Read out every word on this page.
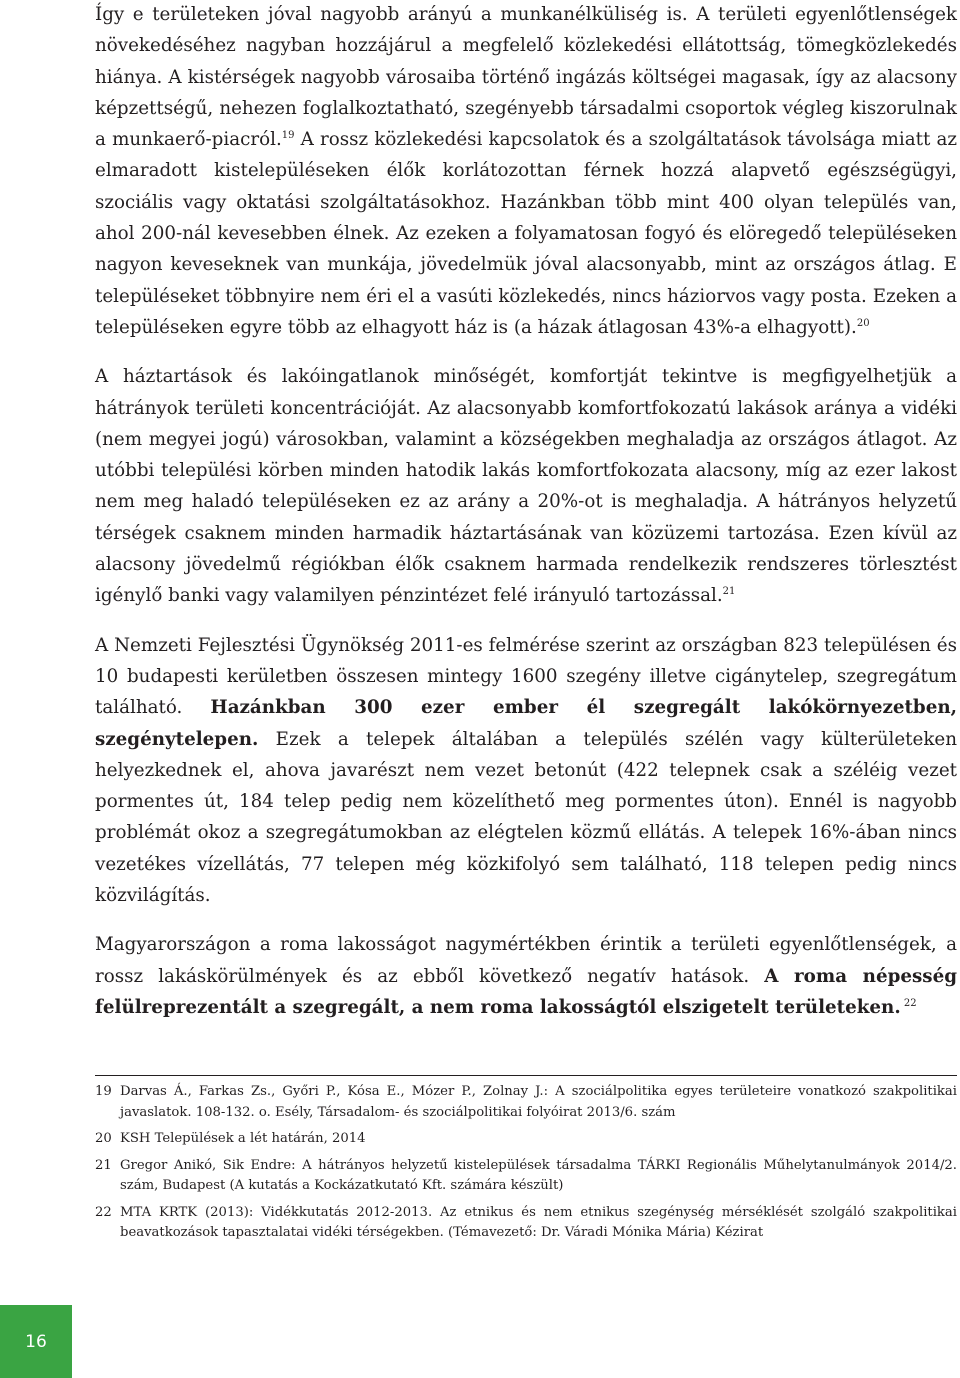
Így e területeken jóval nagyobb arányú a munkanélküliség is. A területi egyenlőtlenségek növekedéséhez nagyban hozzájárul a megfelelő közlekedési ellátottság, tömegközlekedés hiánya. A kistérségek nagyobb városaiba történő ingázás költségei magasak, így az alacsony képzettségű, nehezen foglalkoztatható, szegényebb társadalmi csoportok végleg kiszorulnak a munkaerő-piacról.$^{19}$ A rossz közlekedési kapcsolatok és a szolgáltatások távolsága miatt az elmaradott kistelepüléseken élők korlátozottan férnek hozzá alapvető egészségügyi, szociális vagy oktatási szolgáltatásokhoz. Hazánkban több mint 400 olyan település van, ahol 200-nál kevesebben élnek. Az ezeken a folyamatosan fogyó és elöregedő településeken nagyon keveseknek van munkája, jövedelmük jóval alacsonyabb, mint az országos átlag. E településeket többnyire nem éri el a vasúti közlekedés, nincs háziorvos vagy posta. Ezeken a településeken egyre több az elhagyott ház is (a házak átlagosan 43%-a elhagyott).$^{20}$

A háztartások és lakóingatlanok minőségét, komfortját tekintve is megfigyelhetjük a hátrányok területi koncentrációját. Az alacsonyabb komfortfokozatú lakások aránya a vidéki (nem megyei jogú) városokban, valamint a községekben meghaladja az országos átlagot. Az utóbbi települési körben minden hatodik lakás komfortfokozata alacsony, míg az ezer lakost nem meg haladó településeken ez az arány a 20%-ot is meghaladja. A hátrányos helyzetű térségek csaknem minden harmadik háztartásának van közüzemi tartozása. Ezen kívül az alacsony jövedelmű régiókban élők csaknem harmada rendelkezik rendszeres törlesztést igénylő banki vagy valamilyen pénzintézet felé irányuló tartozással.$^{21}$

A Nemzeti Fejlesztési Ügynökség 2011-es felmérése szerint az országban 823 településen és 10 budapesti kerületben összesen mintegy 1600 szegény illetve cigánytelep, szegregátum található. Hazánkban 300 ezer ember él szegregált lakókörnyezetben, szegénytelepen. Ezek a telepek általában a település szélén vagy külterületeken helyezkednek el, ahova javarészt nem vezet betonút (422 telepnek csak a széléig vezet pormentes út, 184 telep pedig nem közelíthető meg pormentes úton). Ennél is nagyobb problémát okoz a szegregátumokban az elégtelen közmű ellátás. A telepek 16%-ában nincs vezetékes vízellátás, 77 telepen még közkifolyó sem található, 118 telepen pedig nincs közvilágítás.

Magyarországon a roma lakosságot nagymértékben érintik a területi egyenlőtlenségek, a rossz lakáskörülmények és az ebből következő negatív hatások. A roma népesség felülreprezentált a szegregált, a nem roma lakosságtól elszigetelt területeken. $^{22}$

19 Darvas Á., Farkas Zs., Győri P., Kósa E., Mózer P., Zolnay J.: A szociálpolitika egyes területeire vonatkozó szakpolitikai javaslatok. 108-132. o. Esély, Társadalom- és szociálpolitikai folyóirat 2013/6. szám
20 KSH Települések a lét határán, 2014
21 Gregor Anikó, Sik Endre: A hátrányos helyzetű kistelepülések társadalma TÁRKI Regionális Műhelytanulmányok 2014/2. szám, Budapest (A kutatás a Kockázatkutató Kft. számára készült)
22 MTA KRTK (2013): Vidékkutatás 2012-2013. Az etnikus és nem etnikus szegénység mérséklését szolgáló szakpolitikai beavatkozások tapasztalatai vidéki térségekben. (Témavezető: Dr. Váradi Mónika Mária) Kézirat
16
